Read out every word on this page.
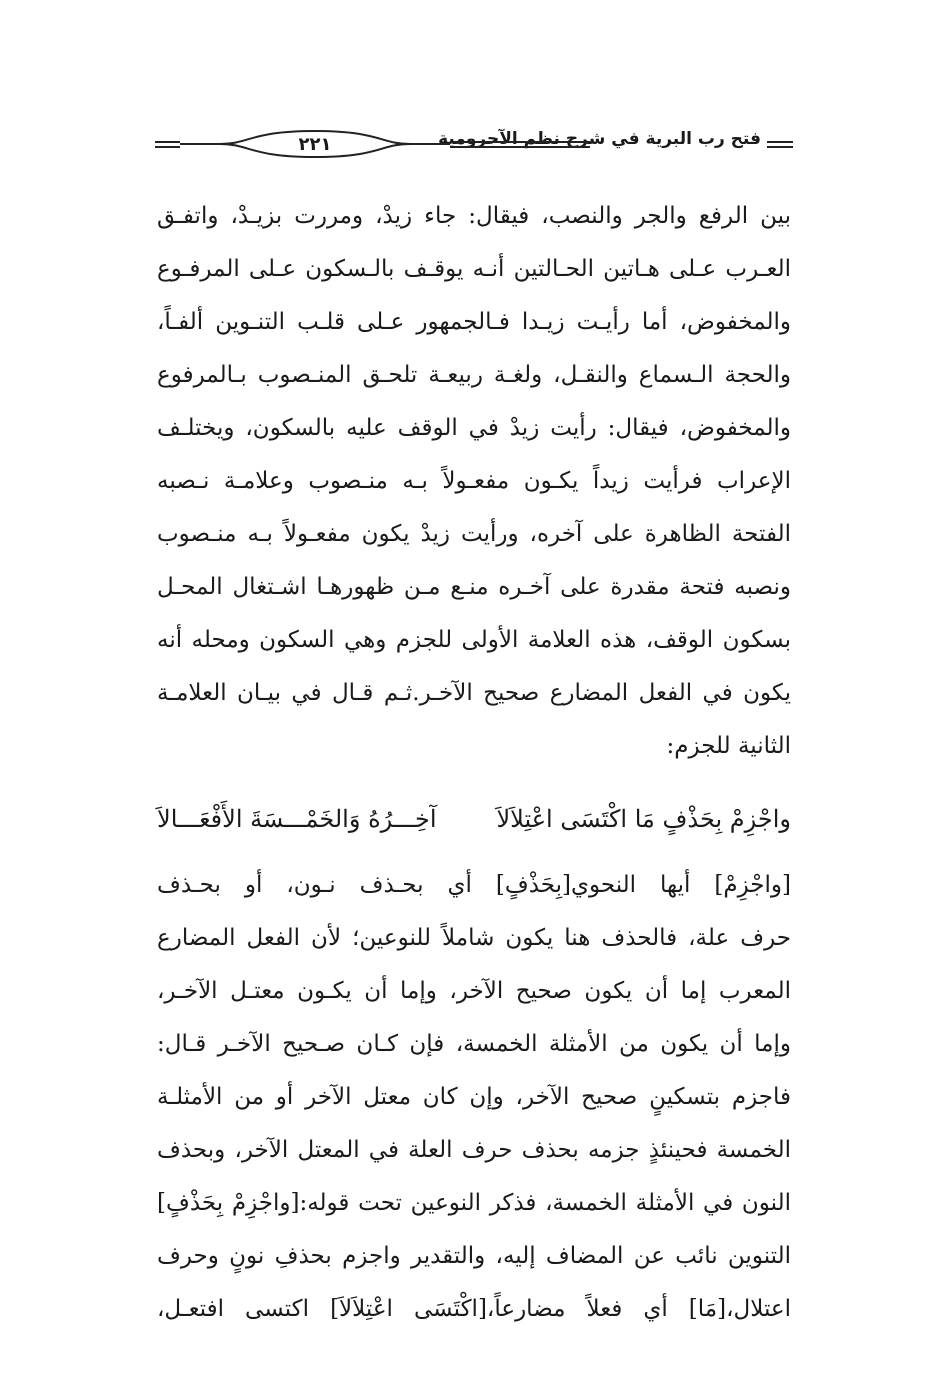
فتح رب البرية في شرح نظم الآجرومية
٢٢١
بين الرفع والجر والنصب، فيقال: جاء زيدْ، ومررت بزيـدْ، واتفـق
العـرب عـلى هـاتين الحـالتين أنـه يوقـف بالـسكون عـلى المرفـوع
والمخفوض، أما رأيـت زيـدا فـالجمهور عـلى قلـب التنـوين ألفـاً،
والحجة الـسماع والنقـل، ولغـة ربيعـة تلحـق المنـصوب بـالمرفوع
والمخفوض، فيقال: رأيت زيدْ في الوقف عليه بالسكون، ويختلـف
الإعراب فرأيت زيداً يكـون مفعـولاً بـه منـصوب وعلامـة نـصبه
الفتحة الظاهرة على آخره، ورأيت زيدْ يكون مفعـولاً بـه منـصوب
ونصبه فتحة مقدرة على آخـره منـع مـن ظهورهـا اشـتغال المحـل
بسكون الوقف، هذه العلامة الأولى للجزم وهي السكون ومحله أنه
يكون في الفعل المضارع صحيح الآخـر.ثـم قـال في بيـان العلامـة
الثانية للجزم:
واجْزِمْ بِحَذْفٍ مَا اكْتَسَى اعْتِلاَلاَ
آخِـــرُهُ وَالخَمْـــسَةَ الأَفْعَـــالاَ
[واجْزِمْ] أيها النحوي[بِحَذْفٍ] أي بحـذف نـون، أو بحـذف
حرف علة، فالحذف هنا يكون شاملاً للنوعين؛ لأن الفعل المضارع
المعرب إما أن يكون صحيح الآخر، وإما أن يكـون معتـل الآخـر،
وإما أن يكون من الأمثلة الخمسة، فإن كـان صـحيح الآخـر قـال:
فاجزم بتسكينٍ صحيح الآخر، وإن كان معتل الآخر أو من الأمثلـة
الخمسة فحينئذٍ جزمه بحذف حرف العلة في المعتل الآخر، وبحذف
النون في الأمثلة الخمسة، فذكر النوعين تحت قوله:[واجْزِمْ بِحَذْفٍ]
التنوين نائب عن المضاف إليه، والتقدير واجزم بحذفِ نونٍ وحرف
اعتلال،[مَا] أي فعلاً مضارعاً،[اكْتَسَى اعْتِلاَلاَ] اكتسى افتعـل،
